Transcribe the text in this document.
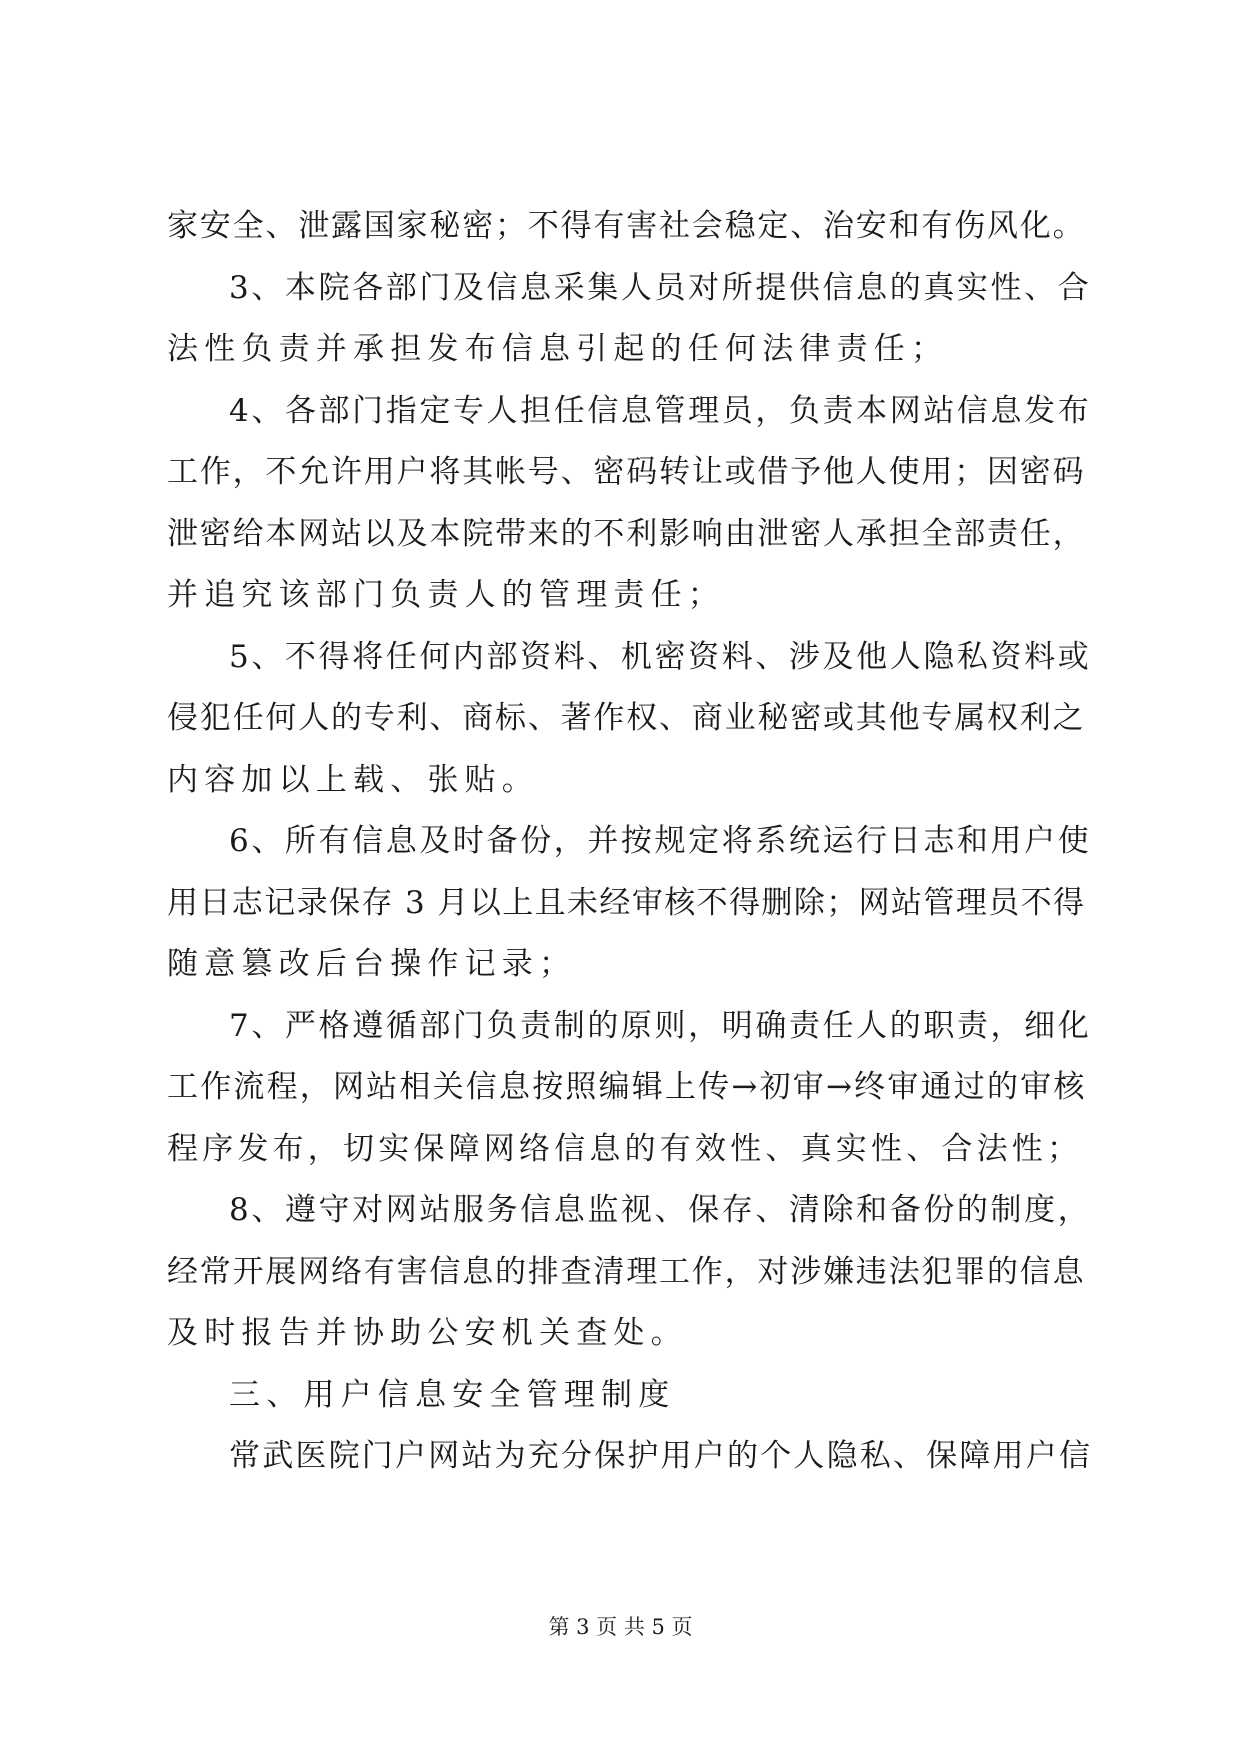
家安全、泄露国家秘密；不得有害社会稳定、治安和有伤风化。
3、本院各部门及信息采集人员对所提供信息的真实性、合
法性负责并承担发布信息引起的任何法律责任；
4、各部门指定专人担任信息管理员，负责本网站信息发布
工作，不允许用户将其帐号、密码转让或借予他人使用；因密码
泄密给本网站以及本院带来的不利影响由泄密人承担全部责任，
并追究该部门负责人的管理责任；
5、不得将任何内部资料、机密资料、涉及他人隐私资料或
侵犯任何人的专利、商标、著作权、商业秘密或其他专属权利之
内容加以上载、张贴。
6、所有信息及时备份，并按规定将系统运行日志和用户使
用日志记录保存 3 月以上且未经审核不得删除；网站管理员不得
随意篡改后台操作记录；
7、严格遵循部门负责制的原则，明确责任人的职责，细化
工作流程，网站相关信息按照编辑上传→初审→终审通过的审核
程序发布，切实保障网络信息的有效性、真实性、合法性；
8、遵守对网站服务信息监视、保存、清除和备份的制度，
经常开展网络有害信息的排查清理工作，对涉嫌违法犯罪的信息
及时报告并协助公安机关查处。
三、用户信息安全管理制度
常武医院门户网站为充分保护用户的个人隐私、保障用户信
第 3 页 共 5 页
